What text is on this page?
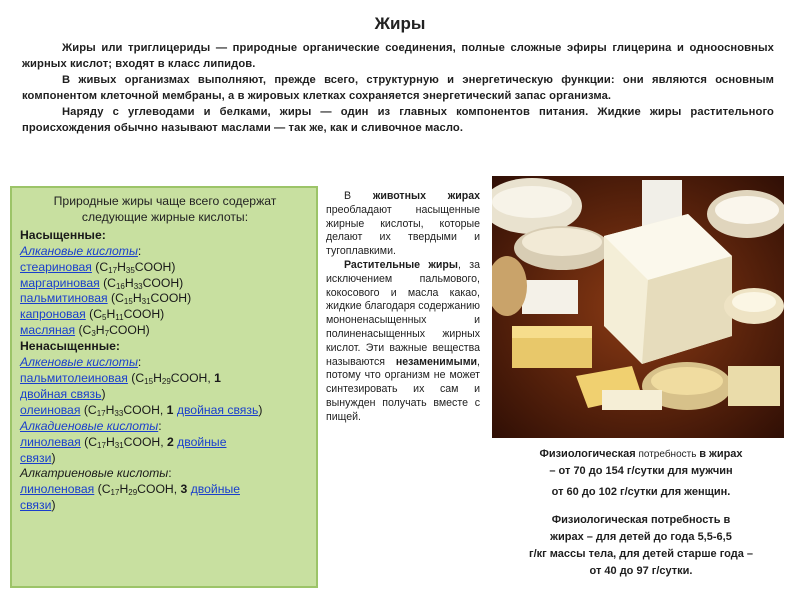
Жиры

Жиры или триглицериды — природные органические соединения, полные сложные эфиры глицерина и одноосновных жирных кислот; входят в класс липидов.

В живых организмах выполняют, прежде всего, структурную и энергетическую функции: они являются основным компонентом клеточной мембраны, а в жировых клетках сохраняется энергетический запас организма.

Наряду с углеводами и белками, жиры — один из главных компонентов питания. Жидкие жиры растительного происхождения обычно называют маслами — так же, как и сливочное масло.

Природные жиры чаще всего содержат следующие жирные кислоты:
Насыщенные:
Алкановые кислоты:
стеариновая $(C_{17}H_{35}COOH)$
маргариновая $(C_{16}H_{33}COOH)$
пальмитиновая $(C_{15}H_{31}COOH)$
капроновая $(C_5H_{11}COOH)$
масляная $(C_3H_7COOH)$
Ненасыщенные:
Алкеновые кислоты:
пальмитолеиновая ($C_{15}H_{29}COOH$, 1
двойная связь)
олеиновая ($C_{17}H_{33}COOH$, 1 двойная связь)
Алкадиеновые кислоты:
линолевая ($C_{17}H_{31}COOH$, 2 двойные
связи)
Алкатриеновые кислоты:
линоленовая ($C_{17}H_{29}COOH$, 3 двойные
связи)

В животных жирах преобладают насыщенные жирные кислоты, которые делают их твердыми и тугоплавкими.

Растительные жиры, за исключением пальмового, кокосового и масла какао, жидкие благодаря содержанию мононенасыщенных и полиненасыщенных жирных кислот. Эти важные вещества называются незаменимыми, потому что организм не может синтезировать их сам и вынужден получать вместе с пищей.

Физиологическая потребность в жирах
– от 70 до 154 г/сутки для мужчин
от 60 до 102 г/сутки для женщин.
Физиологическая потребность в
жирах – для детей до года 5,5-6,5
г/кг массы тела, для детей старше года –
от 40 до 97 г/сутки.
